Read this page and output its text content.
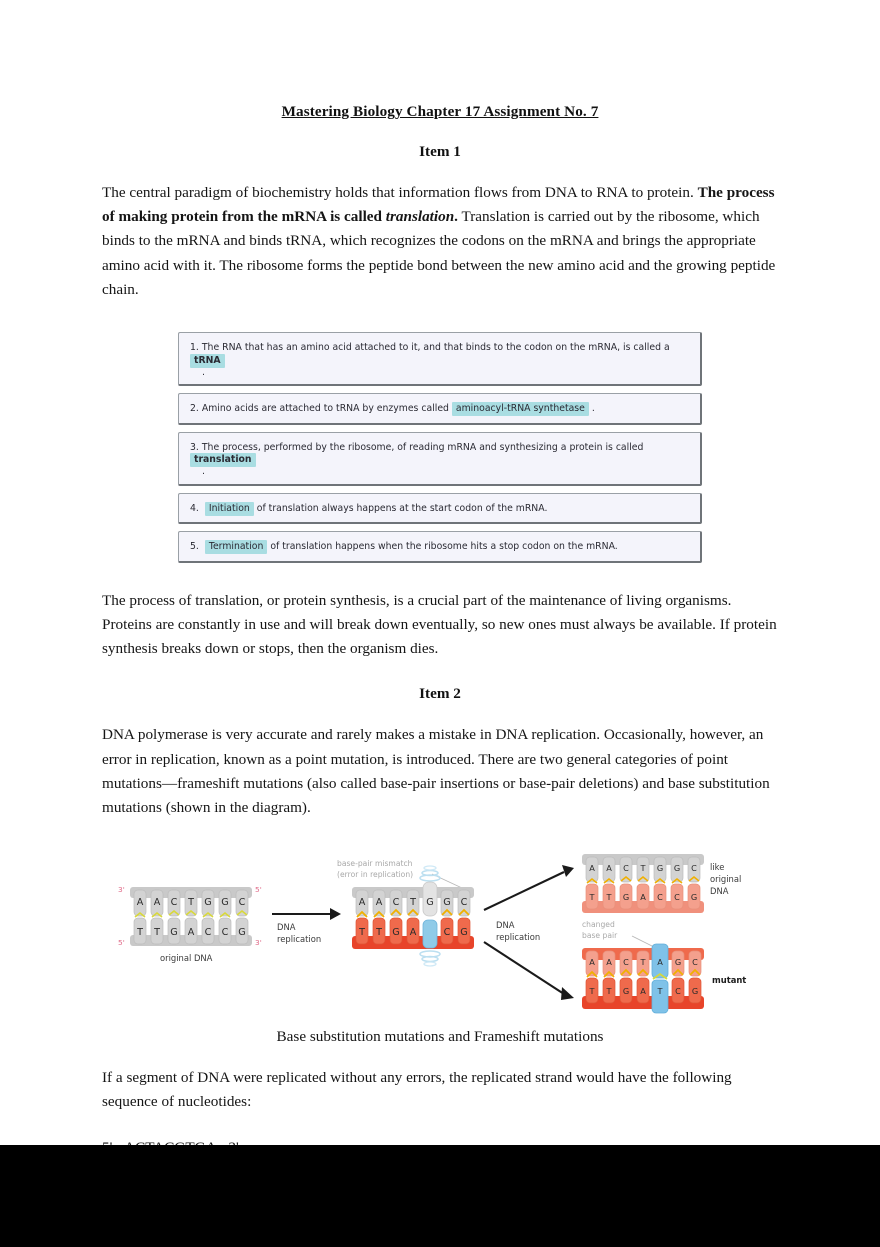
Mastering Biology Chapter 17 Assignment No. 7
Item 1

The central paradigm of biochemistry holds that information flows from DNA to RNA to protein. The process of making protein from the mRNA is called translation. Translation is carried out by the ribosome, which binds to the mRNA and binds tRNA, which recognizes the codons on the mRNA and brings the appropriate amino acid with it. The ribosome forms the peptide bond between the new amino acid and the growing peptide chain.

1. The RNA that has an amino acid attached to it, and that binds to the codon on the mRNA, is called a tRNA
.
2. Amino acids are attached to tRNA by enzymes called aminoacyl-tRNA synthetase .
3. The process, performed by the ribosome, of reading mRNA and synthesizing a protein is called translation
.
4. Initiation of translation always happens at the start codon of the mRNA.
5. Termination of translation happens when the ribosome hits a stop codon on the mRNA.

The process of translation, or protein synthesis, is a crucial part of the maintenance of living organisms. Proteins are constantly in use and will break down eventually, so new ones must always be available. If protein synthesis breaks down or stops, then the organism dies.

Item 2

DNA polymerase is very accurate and rarely makes a mistake in DNA replication. Occasionally, however, an error in replication, known as a point mutation, is introduced. There are two general categories of point mutations—frameshift mutations (also called base-pair insertions or base-pair deletions) and base substitution mutations (shown in the diagram).

A
T
A
T
C
G
T
A
G
C
G
C
C
G
3'	5'
5'	3'
original DNA
DNA
replication
base-pair mismatch
(error in replication)
A
T
A
T
C
G
T
A
G G
C
C
G
DNA
replication
A
T
A
T
C
G
T
A
G
C
G
C
C
G
like
original
DNA
changed
base pair
A
T
A
T
C
G
T
A
A
T
G
C
C
G
mutant
Base substitution mutations and Frameshift mutations

If a segment of DNA were replicated without any errors, the replicated strand would have the following sequence of nucleotides:
